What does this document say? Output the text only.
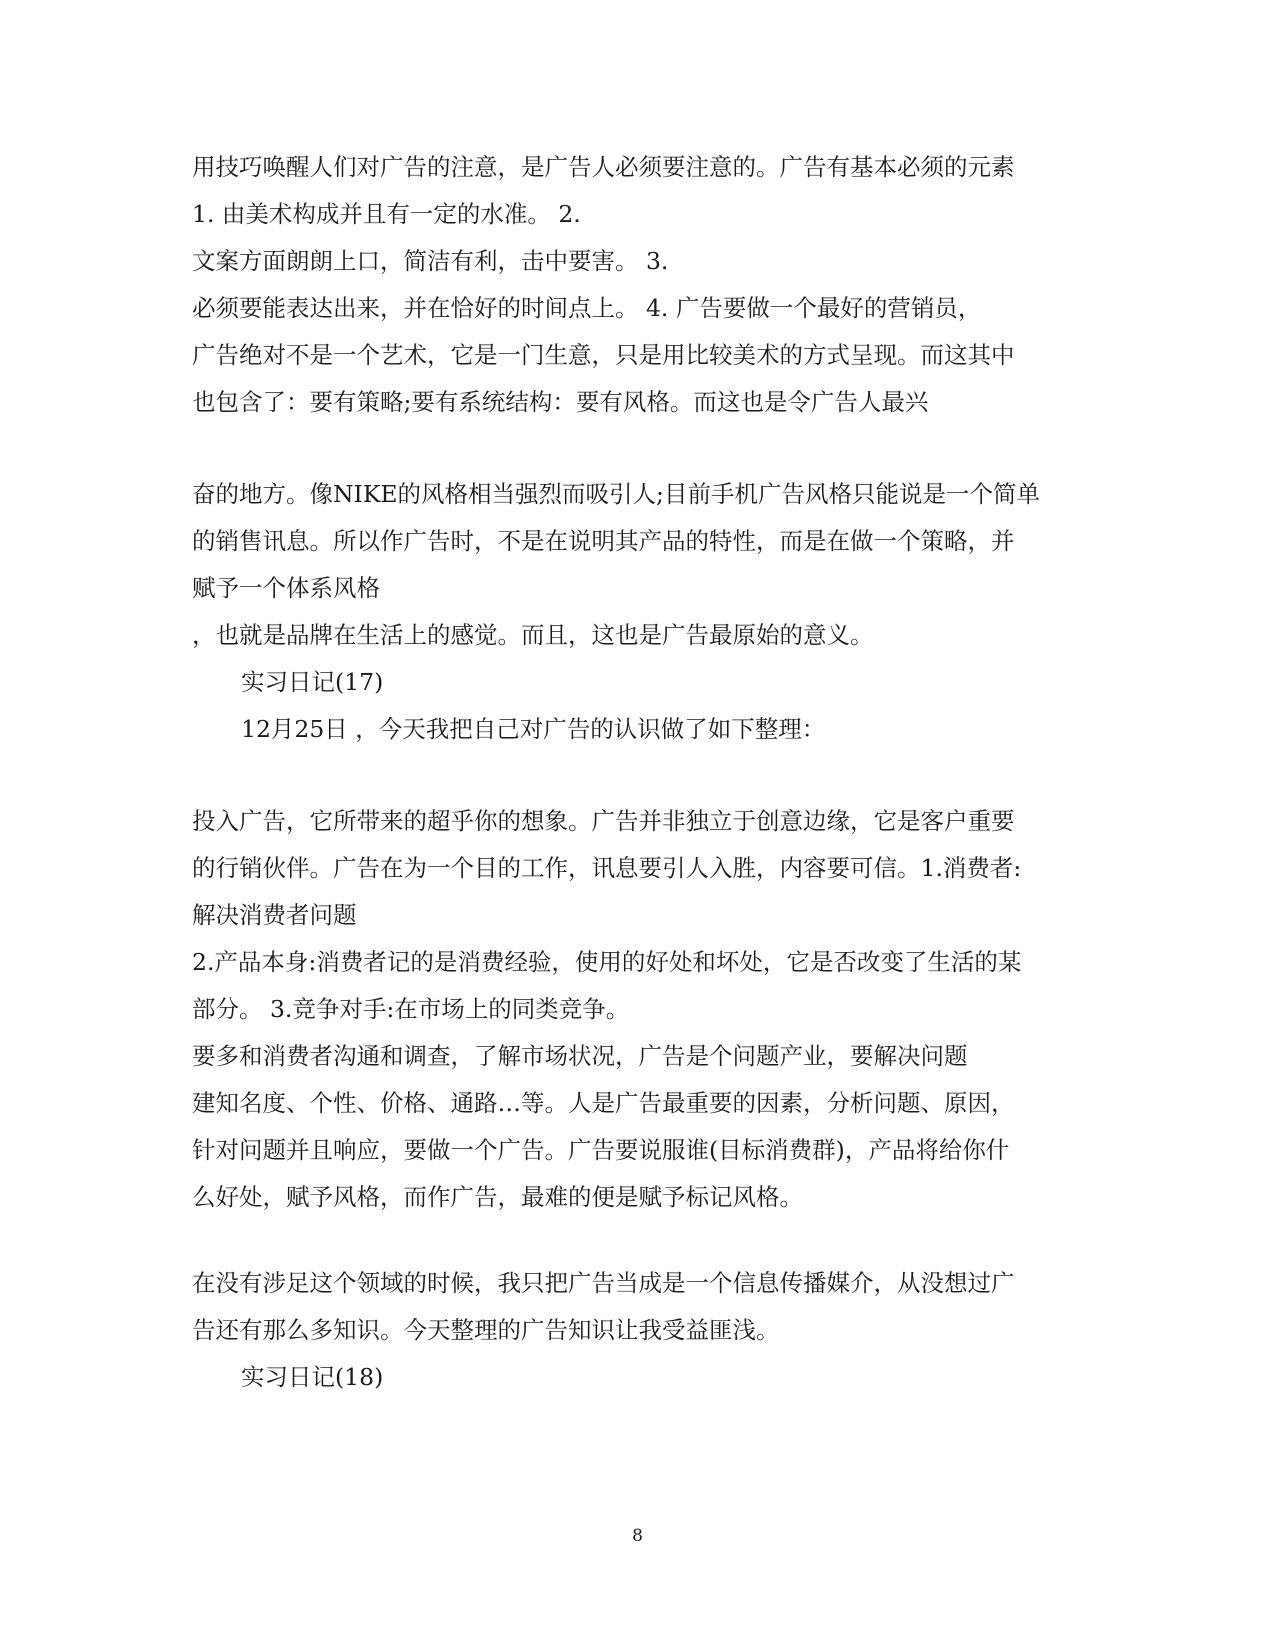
用技巧唤醒人们对广告的注意，是广告人必须要注意的。广告有基本必须的元素
1. 由美术构成并且有一定的水准。 2.
文案方面朗朗上口，简洁有利，击中要害。 3.
必须要能表达出来，并在恰好的时间点上。 4. 广告要做一个最好的营销员，
广告绝对不是一个艺术，它是一门生意，只是用比较美术的方式呈现。而这其中
也包含了：要有策略;要有系统结构：要有风格。而这也是令广告人最兴
奋的地方。像NIKE的风格相当强烈而吸引人;目前手机广告风格只能说是一个简单
的销售讯息。所以作广告时，不是在说明其产品的特性，而是在做一个策略，并
赋予一个体系风格
，也就是品牌在生活上的感觉。而且，这也是广告最原始的意义。
实习日记(17)
12月25日 ，今天我把自己对广告的认识做了如下整理：
投入广告，它所带来的超乎你的想象。广告并非独立于创意边缘，它是客户重要
的行销伙伴。广告在为一个目的工作，讯息要引人入胜，内容要可信。1.消费者:
解决消费者问题
2.产品本身:消费者记的是消费经验，使用的好处和坏处，它是否改变了生活的某
部分。 3.竞争对手:在市场上的同类竞争。
要多和消费者沟通和调查，了解市场状况，广告是个问题产业，要解决问题
建知名度、个性、价格、通路…等。人是广告最重要的因素，分析问题、原因，
针对问题并且响应，要做一个广告。广告要说服谁(目标消费群)，产品将给你什
么好处，赋予风格，而作广告，最难的便是赋予标记风格。
在没有涉足这个领域的时候，我只把广告当成是一个信息传播媒介，从没想过广
告还有那么多知识。今天整理的广告知识让我受益匪浅。
实习日记(18)
8
